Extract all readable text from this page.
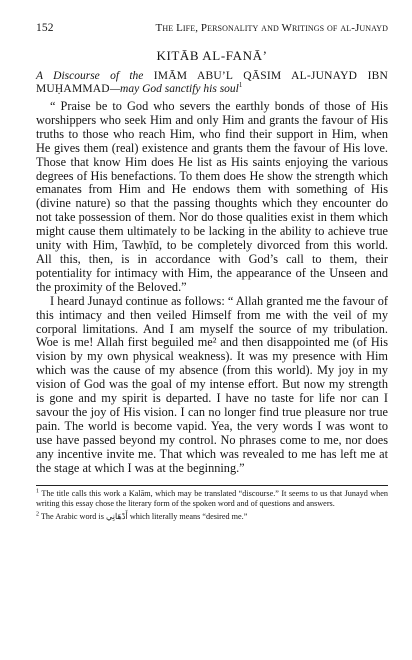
152	The Life, Personality and Writings of al-Junayd
KITĀB AL-FANĀ’
A Discourse of the IMĀM ABU’L QĀSIM AL-JUNAYD IBN MUḤAMMAD—may God sanctify his soul$^1$

“ Praise be to God who severs the earthly bonds of those of His worshippers who seek Him and only Him and grants the favour of His truths to those who reach Him, who find their support in Him, when He gives them (real) existence and grants them the favour of His love. Those that know Him does He list as His saints enjoying the various degrees of His benefactions. To them does He show the strength which emanates from Him and He endows them with something of His (divine nature) so that the passing thoughts which they encounter do not take possession of them. Nor do those qualities exist in them which might cause them ultimately to be lacking in the ability to achieve true unity with Him, Tawḥīd, to be completely divorced from this world. All this, then, is in accordance with God’s call to them, their potentiality for intimacy with Him, the appearance of the Unseen and the proximity of the Beloved.”

I heard Junayd continue as follows: “ Allah granted me the favour of this intimacy and then veiled Himself from me with the veil of my corporal limitations. And I am myself the source of my tribulation. Woe is me! Allah first beguiled me² and then disappointed me (of His vision by my own physical weakness). It was my presence with Him which was the cause of my absence (from this world). My joy in my vision of God was the goal of my intense effort. But now my strength is gone and my spirit is departed. I have no taste for life nor can I savour the joy of His vision. I can no longer find true pleasure nor true pain. The world is become vapid. Yea, the very words I was wont to use have passed beyond my control. No phrases come to me, nor does any incentive invite me. That which was revealed to me has left me at the stage at which I was at the beginning.”

$^1$ The title calls this work a Kalām, which may be translated “discourse.” It seems to us that Junayd when writing this essay chose the literary form of the spoken word and of questions and answers.

$^2$ The Arabic word is أَدْهَانِي which literally means “desired me.”
